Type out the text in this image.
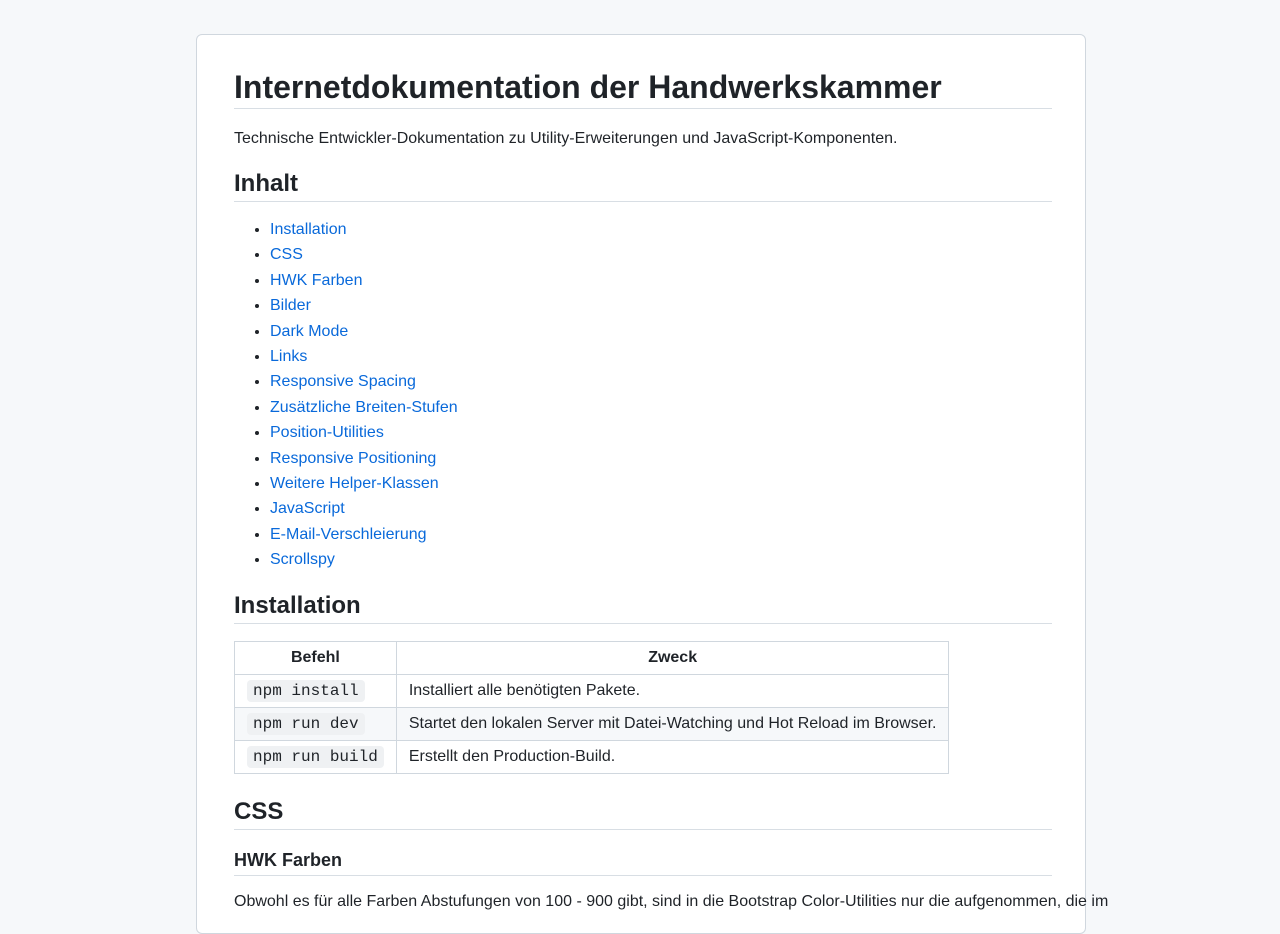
Internetdokumentation der Handwerkskammer

Technische Entwickler-Dokumentation zu Utility-Erweiterungen und JavaScript-Komponenten.

Inhalt
• Installation
• CSS
• HWK Farben
• Bilder
• Dark Mode
• Links
• Responsive Spacing
• Zusätzliche Breiten-Stufen
• Position-Utilities
• Responsive Positioning
• Weitere Helper-Klassen
• JavaScript
• E-Mail-Verschleierung
• Scrollspy
Installation
Befehl	Zweck
npm install	Installiert alle benötigten Pakete.
npm run dev	Startet den lokalen Server mit Datei-Watching und Hot Reload im Browser.
npm run build	Erstellt den Production-Build.
CSS
HWK Farben

Obwohl es für alle Farben Abstufungen von 100 - 900 gibt, sind in die Bootstrap Color-Utilities nur die aufgenommen, die im
